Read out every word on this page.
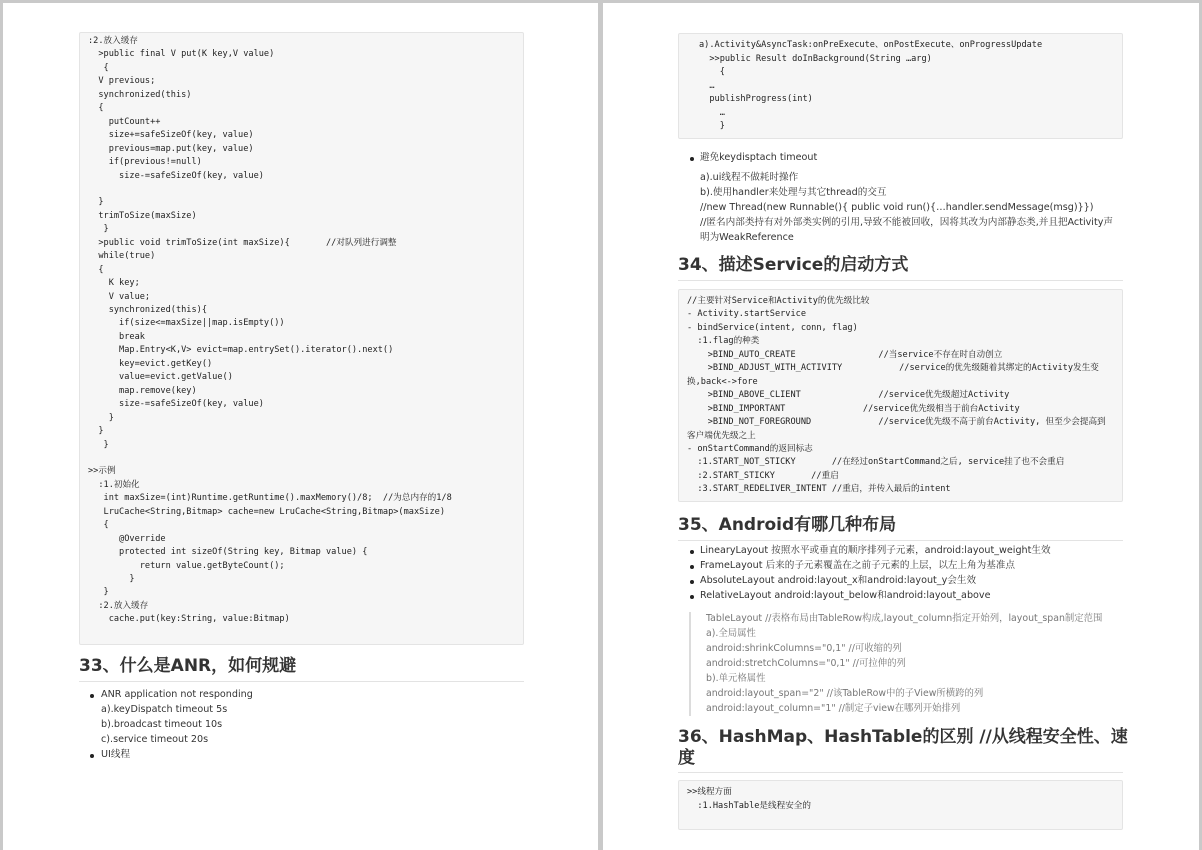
:2.放入缓存
>public final V put(K key,V value)
{
V previous;
synchronized(this)
{
putCount++
size+=safeSizeOf(key, value)
previous=map.put(key, value)
if(previous!=null)
size-=safeSizeOf(key, value)
}
trimToSize(maxSize)
}
>public void trimToSize(int maxSize){       //对队列进行调整
while(true)
{
K key;
V value;
synchronized(this){
if(size<=maxSize||map.isEmpty())
break
Map.Entry<K,V> evict=map.entrySet().iterator().next()
key=evict.getKey()
value=evict.getValue()
map.remove(key)
size-=safeSizeOf(key, value)
}
}
}
>>示例
:1.初始化
int maxSize=(int)Runtime.getRuntime().maxMemory()/8;  //为总内存的1/8
LruCache<String,Bitmap> cache=new LruCache<String,Bitmap>(maxSize)
{
@Override
protected int sizeOf(String key, Bitmap value) {
return value.getByteCount();
}
}
:2.放入缓存
cache.put(key:String, value:Bitmap)
33、什么是ANR，如何规避
ANR application not responding
a).keyDispatch timeout 5s
b).broadcast timeout 10s
c).service timeout 20s
UI线程
a).Activity&AsyncTask:onPreExecute、onPostExecute、onProgressUpdate
>>public Result doInBackground(String …arg)
{
…
publishProgress(int)
…
}
避免keydisptach timeout
a).ui线程不做耗时操作
b).使用handler来处理与其它thread的交互
//new Thread(new Runnable(){ public void run(){…handler.sendMessage(msg)}})
//匿名内部类持有对外部类实例的引用,导致不能被回收，因将其改为内部静态类,并且把Activity声
明为WeakReference
34、描述Service的启动方式
//主要针对Service和Activity的优先级比较
- Activity.startService
- bindService(intent, conn, flag)
:1.flag的种类
>BIND_AUTO_CREATE                //当service不存在时自动创立
>BIND_ADJUST_WITH_ACTIVITY           //service的优先级随着其绑定的Activity发生变
换,back<->fore
>BIND_ABOVE_CLIENT               //service优先级超过Activity
>BIND_IMPORTANT               //service优先级相当于前台Activity
>BIND_NOT_FOREGROUND             //service优先级不高于前台Activity, 但至少会提高到
客户端优先级之上
- onStartCommand的返回标志
:1.START_NOT_STICKY       //在经过onStartCommand之后, service挂了也不会重启
:2.START_STICKY       //重启
:3.START_REDELIVER_INTENT //重启，并传入最后的intent
35、Android有哪几种布局
LinearyLayout 按照水平或垂直的顺序排列子元素，android:layout_weight生效
FrameLayout 后来的子元素覆盖在之前子元素的上层，以左上角为基准点
AbsoluteLayout android:layout_x和android:layout_y会生效
RelativeLayout android:layout_below和android:layout_above
TableLayout //表格布局由TableRow构成,layout_column指定开始列，layout_span制定范围
a).全局属性
android:shrinkColumns="0,1" //可收缩的列
android:stretchColumns="0,1" //可拉伸的列
b).单元格属性
android:layout_span="2" //该TableRow中的子View所横跨的列
android:layout_column="1" //制定子view在哪列开始排列
36、HashMap、HashTable的区别 //从线程安全性、速
度
>>线程方面
:1.HashTable是线程安全的
